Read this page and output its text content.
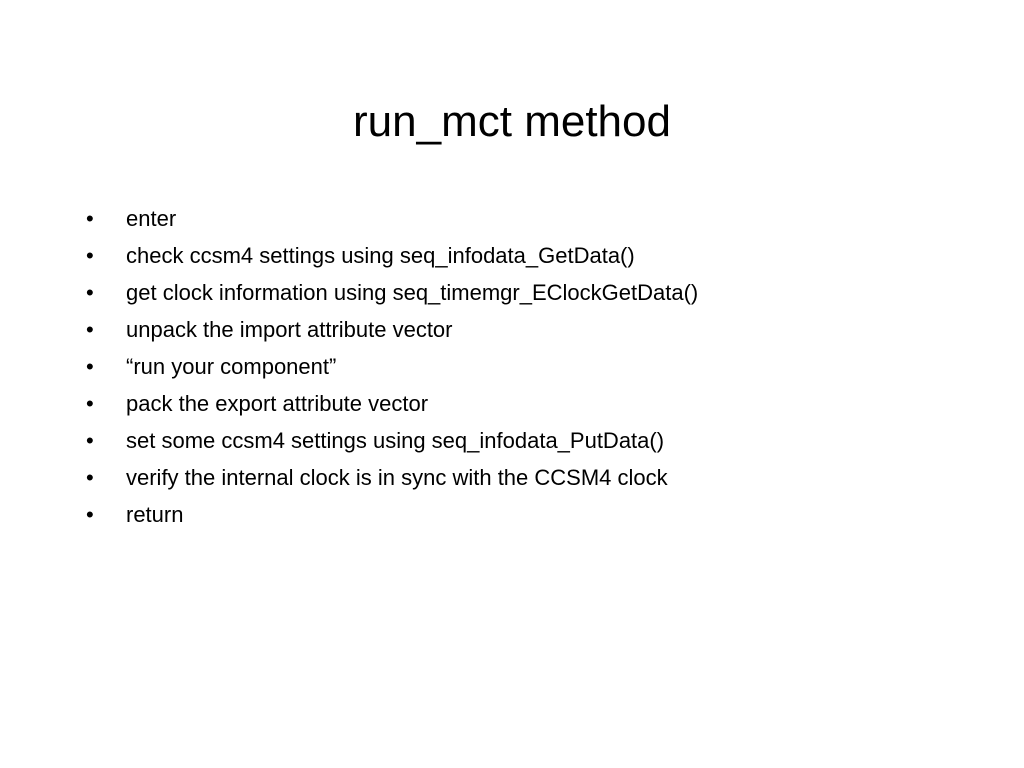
run_mct method
•	enter
•	check ccsm4 settings using seq_infodata_GetData()
•	get clock information using seq_timemgr_EClockGetData()
•	unpack the import attribute vector
•	“run your component”
•	pack the export attribute vector
•	set some ccsm4 settings using seq_infodata_PutData()
•	verify the internal clock is in sync with the CCSM4 clock
•	return
